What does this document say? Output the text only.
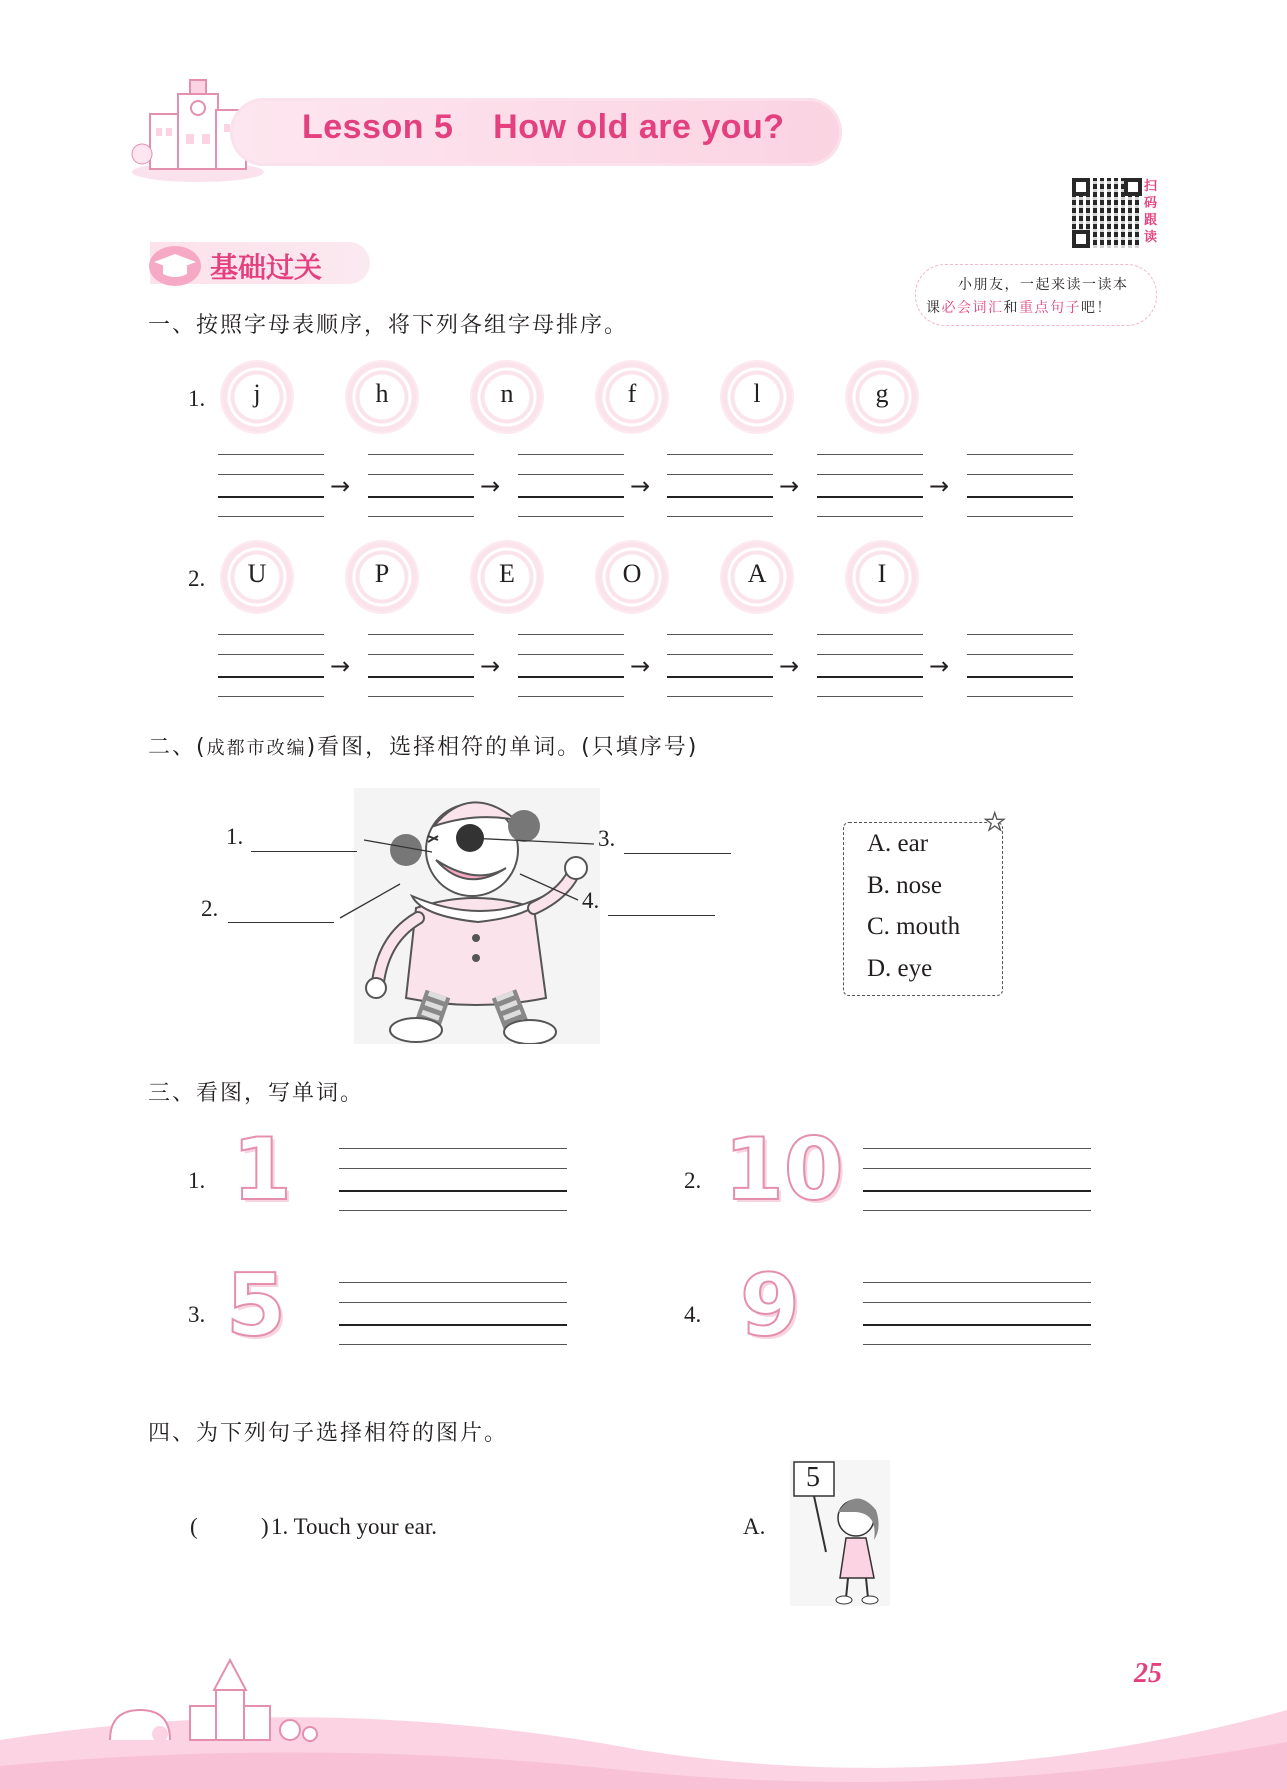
Lesson 5    How old are you?
扫
码
跟
读
小朋友，一起来读一读本
课必会词汇和重点句子吧！
基础过关
一、按照字母表顺序，将下列各组字母排序。
1.	j	h	n	f	l	g
→	→	→	→	→
2.	U	P	E	O	A	I
→	→	→	→	→
二、(成都市改编)看图，选择相符的单词。(只填序号)
1.
2.
3.
4.
★
A. ear
B. nose
C. mouth
D. eye
三、看图，写单词。
1. 1	2. 10
3. 5	4. 9
四、为下列句子选择相符的图片。
(	) 1. Touch your ear.	A.
5
25
